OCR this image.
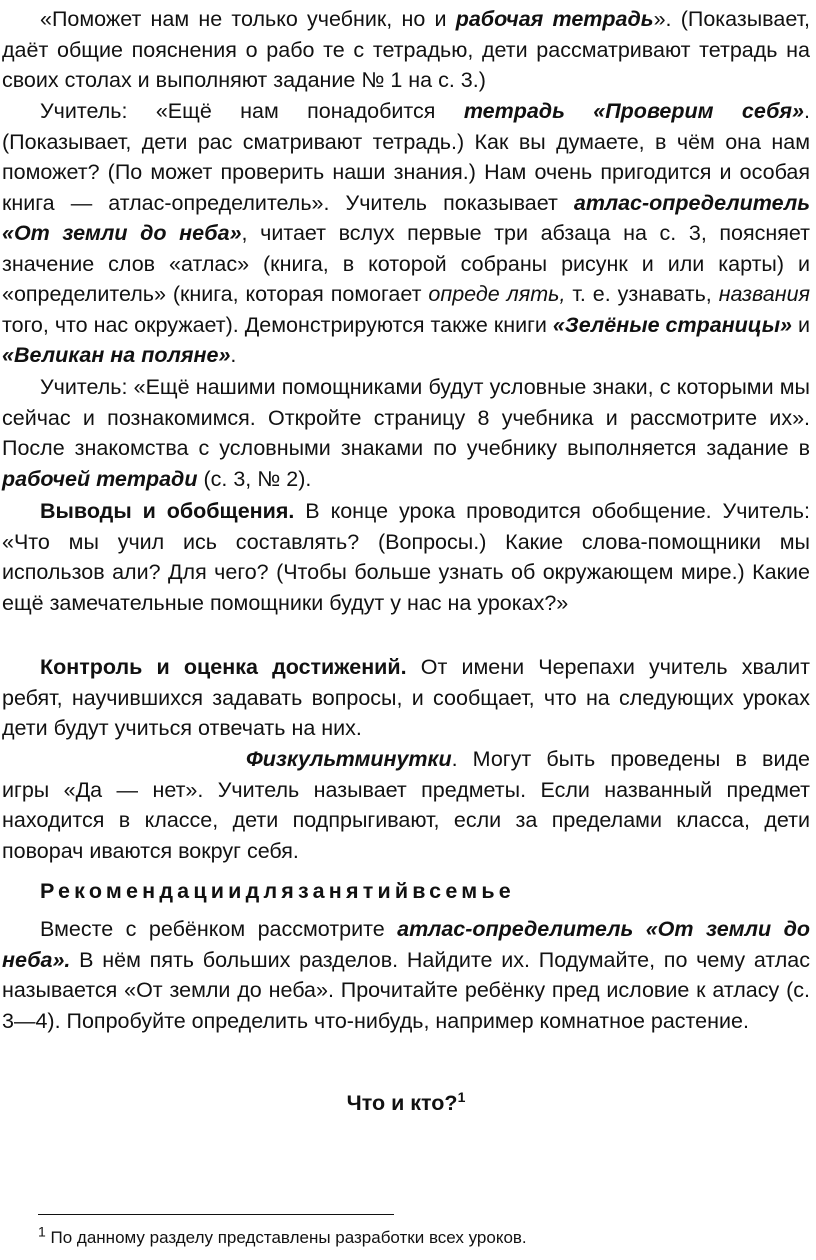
«Поможет нам не только учебник, но и рабочая тетрадь». (Показывает, даёт общие пояснения о рабо те с тетрадью, дети рассматривают тетрадь на своих столах и выполняют задание № 1 на с. 3.)

Учитель: «Ещё нам понадобится тетрадь «Проверим себя». (Показывает, дети рас сматривают тетрадь.) Как вы думаете, в чём она нам поможет? (По может проверить наши знания.) Нам очень пригодится и особая книга — атлас-определитель». Учитель показывает атлас-определитель «От земли до неба», читает вслух первые три абзаца на с. 3, поясняет значение слов «атлас» (книга, в которой собраны рисунк и или карты) и «определитель» (книга, которая помогает опреде лять, т. е. узнавать, названия того, что нас окружает). Демонстрируются также книги «Зелёные страницы» и «Великан на поляне».

Учитель: «Ещё нашими помощниками будут условные знаки, с которыми мы сейчас и познакомимся. Откройте страницу 8 учебника и рассмотрите их». После знакомства с условными знаками по учебнику выполняется задание в рабочей тетради (с. 3, № 2).

Выводы и обобщения. В конце урока проводится обобщение. Учитель: «Что мы учил ись составлять? (Вопросы.) Какие слова-помощники мы использов али? Для чего? (Чтобы больше узнать об окружающем мире.) Какие ещё замечательные помощники будут у нас на уроках?»

Контроль и оценка достижений. От имени Черепахи учитель хвалит ребят, научившихся задавать вопросы, и сообщает, что на следующих уроках дети будут учиться отвечать на них.

Физкультминутки. Могут быть проведены в виде игры «Да — нет». Учитель называет предметы. Если названный предмет находится в классе, дети подпрыгивают, если за пределами класса, дети поворач иваются вокруг себя.

Рекомендациидлязанятийвсемье

Вместе с ребёнком рассмотрите атлас-определитель «От земли до неба». В нём пять больших разделов. Найдите их. Подумайте, по чему атлас называется «От земли до неба». Прочитайте ребёнку пред исловие к атласу (с. 3—4). Попробуйте определить что-нибудь, например комнатное растение.

Что и кто?$^1$

$^1$ По данному разделу представлены разработки всех уроков.
